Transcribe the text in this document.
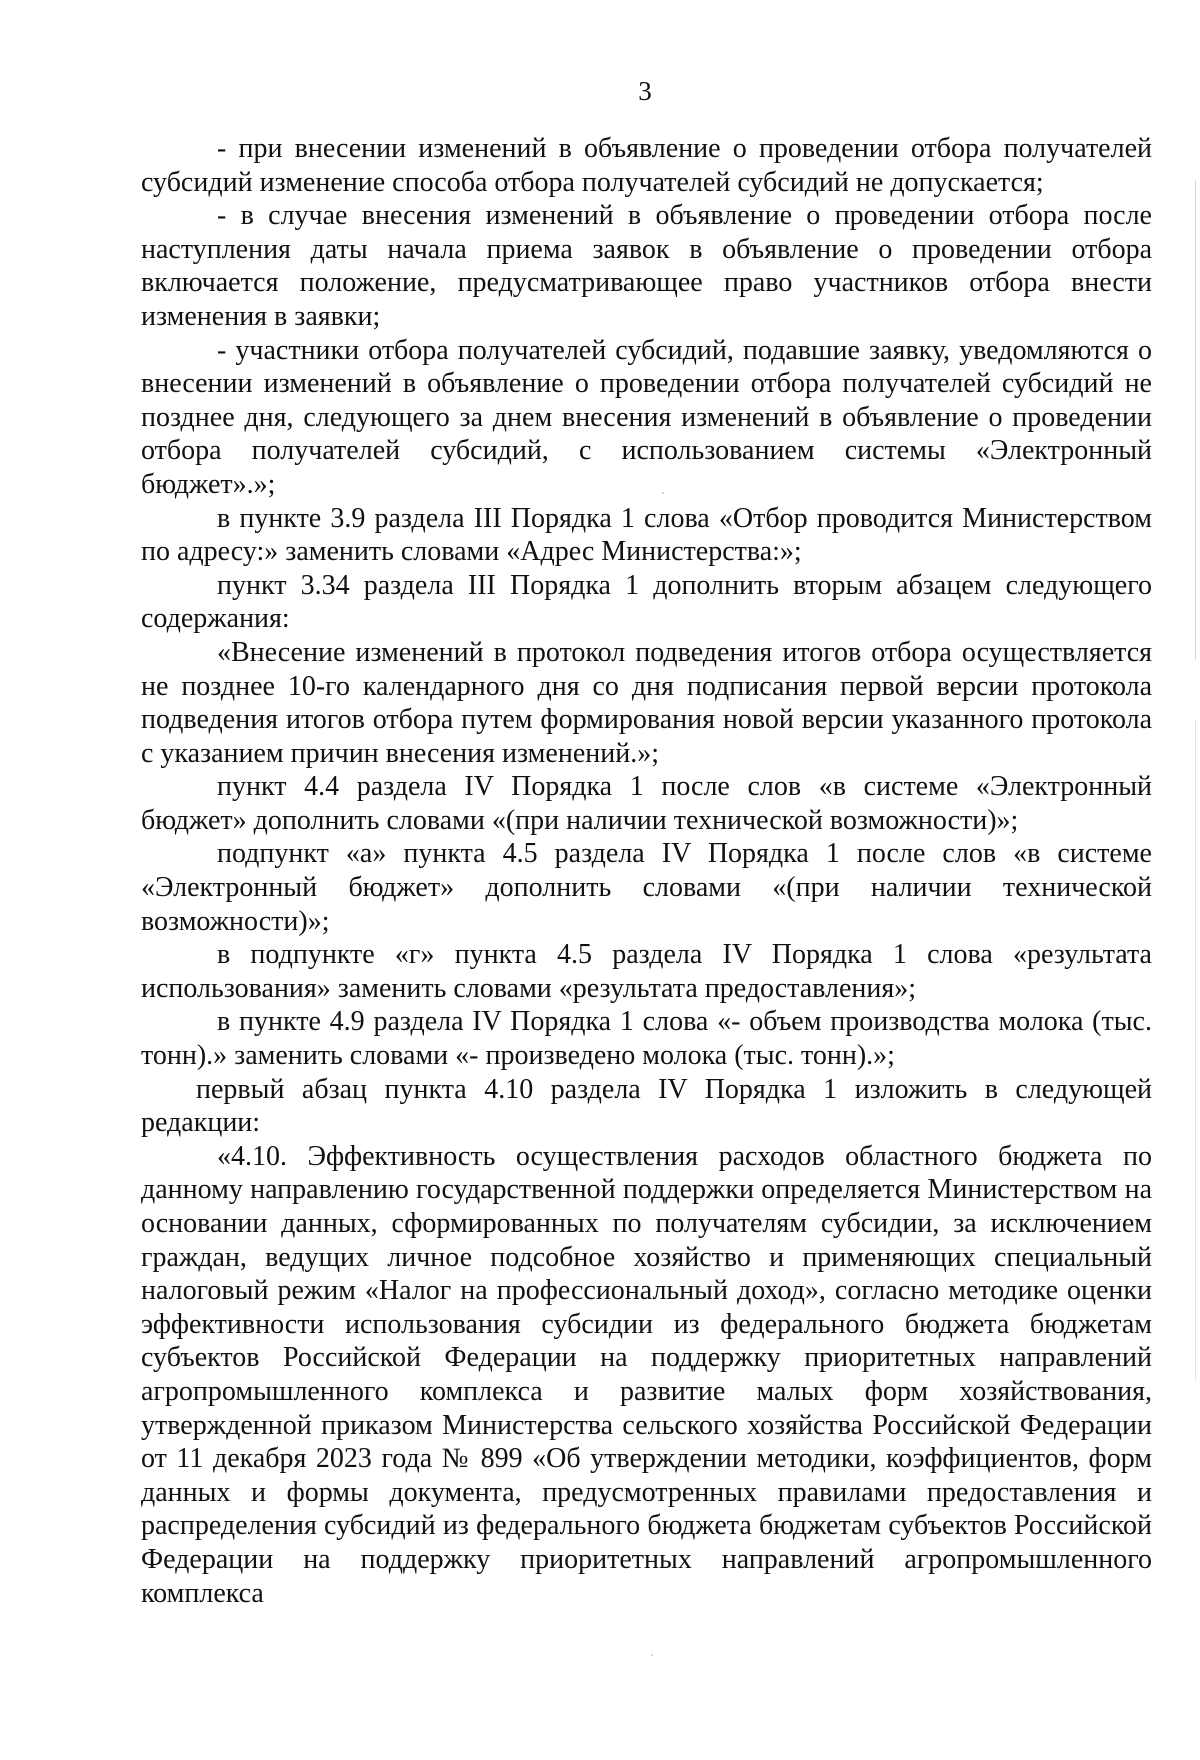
3

- при внесении изменений в объявление о проведении отбора получателей субсидий изменение способа отбора получателей субсидий не допускается;

- в случае внесения изменений в объявление о проведении отбора после наступления даты начала приема заявок в объявление о проведении отбора включается положение, предусматривающее право участников отбора внести изменения в заявки;

- участники отбора получателей субсидий, подавшие заявку, уведомляются о внесении изменений в объявление о проведении отбора получателей субсидий не позднее дня, следующего за днем внесения изменений в объявление о проведении отбора получателей субсидий, с использованием системы «Электронный бюджет».»;

в пункте 3.9 раздела III Порядка 1 слова «Отбор проводится Министерством по адресу:» заменить словами «Адрес Министерства:»;

пункт 3.34 раздела III Порядка 1 дополнить вторым абзацем следующего содержания:

«Внесение изменений в протокол подведения итогов отбора осуществляется не позднее 10-го календарного дня со дня подписания первой версии протокола подведения итогов отбора путем формирования новой версии указанного протокола с указанием причин внесения изменений.»;

пункт 4.4 раздела IV Порядка 1 после слов «в системе «Электронный бюджет» дополнить словами «(при наличии технической возможности)»;

подпункт «а» пункта 4.5 раздела IV Порядка 1 после слов «в системе «Электронный бюджет» дополнить словами «(при наличии технической возможности)»;

в подпункте «г» пункта 4.5 раздела IV Порядка 1 слова «результата использования» заменить словами «результата предоставления»;

в пункте 4.9 раздела IV Порядка 1 слова «- объем производства молока (тыс. тонн).» заменить словами «- произведено молока (тыс. тонн).»;

первый абзац пункта 4.10 раздела IV Порядка 1 изложить в следующей редакции:

«4.10. Эффективность осуществления расходов областного бюджета по данному направлению государственной поддержки определяется Министерством на основании данных, сформированных по получателям субсидии, за исключением граждан, ведущих личное подсобное хозяйство и применяющих специальный налоговый режим «Налог на профессиональный доход», согласно методике оценки эффективности использования субсидии из федерального бюджета бюджетам субъектов Российской Федерации на поддержку приоритетных направлений агропромышленного комплекса и развитие малых форм хозяйствования, утвержденной приказом Министерства сельского хозяйства Российской Федерации от 11 декабря 2023 года № 899 «Об утверждении методики, коэффициентов, форм данных и формы документа, предусмотренных правилами предоставления и распределения субсидий из федерального бюджета бюджетам субъектов Российской Федерации на поддержку приоритетных направлений агропромышленного комплекса
